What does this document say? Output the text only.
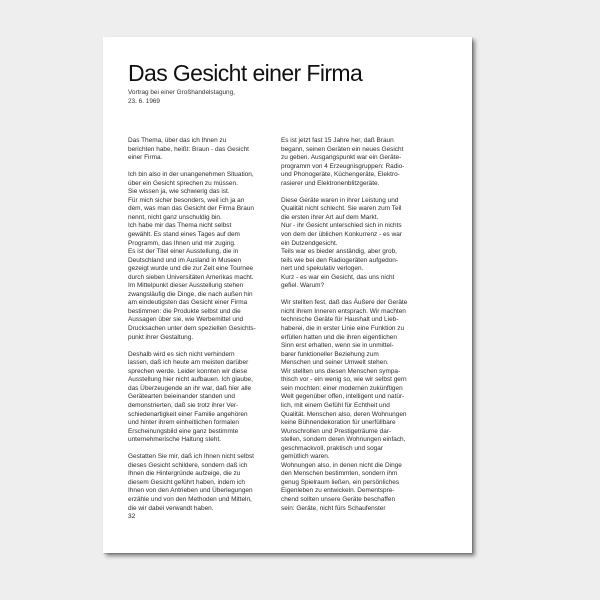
Das Gesicht einer Firma
Vortrag bei einer Großhandelstagung,
23. 6. 1969
Das Thema, über das ich Ihnen zu
berichten habe, heißt: Braun - das Gesicht
einer Firma.
Ich bin also in der unangenehmen Situation,
über ein Gesicht sprechen zu müssen.
Sie wissen ja, wie schwierig das ist.
Für mich sicher besonders, weil ich ja an
dem, was man das Gesicht der Firma Braun
nennt, nicht ganz unschuldig bin.
Ich habe mir das Thema nicht selbst
gewählt. Es stand eines Tages auf dem
Programm, das Ihnen und mir zuging.
Es ist der Titel einer Ausstellung, die in
Deutschland und im Ausland in Museen
gezeigt wurde und die zur Zeit eine Tournee
durch sieben Universitäten Amerikas macht.
Im Mittelpunkt dieser Ausstellung stehen
zwangsläufig die Dinge, die nach außen hin
am eindeutigsten das Gesicht einer Firma
bestimmen: die Produkte selbst und die
Aussagen über sie, wie Werbemittel und
Drucksachen unter dem speziellen Gesichts-
punkt ihrer Gestaltung.
Deshalb wird es sich nicht verhindern
lassen, daß ich heute am meisten darüber
sprechen werde. Leider konnten wir diese
Ausstellung hier nicht aufbauen. Ich glaube,
das Überzeugende an ihr war, daß hier alle
Gerätearten beieinander standen und
demonstrierten, daß sie trotz ihrer Ver-
schiedenartigkeit einer Familie angehören
und hinter ihrem einheitlichen formalen
Erscheinungsbild eine ganz bestimmte
unternehmerische Haltung steht.
Gestatten Sie mir, daß ich Ihnen nicht selbst
dieses Gesicht schildere, sondern daß ich
Ihnen die Hintergründe aufzeige, die zu
diesem Gesicht geführt haben, indem ich
Ihnen von den Antrieben und Überlegungen
erzähle und von den Methoden und Mitteln,
die wir dabei verwandt haben.
Es ist jetzt fast 15 Jahre her, daß Braun
begann, seinen Geräten ein neues Gesicht
zu geben. Ausgangspunkt war ein Geräte-
programm von 4 Erzeugnisgruppen: Radio-
und Phonogeräte, Küchengeräte, Elektro-
rasierer und Elektronenblitzgeräte.
Diese Geräte waren in ihrer Leistung und
Qualität nicht schlecht. Sie waren zum Teil
die ersten ihrer Art auf dem Markt.
Nur - ihr Gesicht unterschied sich in nichts
von dem der üblichen Konkurrenz - es war
ein Dutzendgesicht.
Teils war es bieder anständig, aber grob,
teils wie bei den Radiogeräten aufgedon-
nert und spekulativ verlogen.
Kurz - es war ein Gesicht, das uns nicht
gefiel. Warum?
Wir stellten fest, daß das Äußere der Geräte
nicht ihrem Inneren entsprach. Wir machten
technische Geräte für Haushalt und Lieb-
haberei, die in erster Linie eine Funktion zu
erfüllen hatten und die ihren eigentlichen
Sinn erst erhalten, wenn sie in unmittel-
barer funktioneller Beziehung zum
Menschen und seiner Umwelt stehen.
Wir stellten uns diesen Menschen sympa-
thisch vor - ein wenig so, wie wir selbst gern
sein mochten: einer modernen zukünftigen
Welt gegenüber offen, intelligent und natür-
lich, mit einem Gefühl für Echtheit und
Qualität. Menschen also, deren Wohnungen
keine Bühnendekoration für unerfüllbare
Wunschrollen und Prestigeträume dar-
stellen, sondern deren Wohnungen einfach,
geschmackvoll, praktisch und sogar
gemütlich waren.
Wohnungen also, in denen nicht die Dinge
den Menschen bestimmten, sondern ihm
genug Spielraum ließen, ein persönliches
Eigenleben zu entwickeln. Dementspre-
chend sollten unsere Geräte beschaffen
sein: Geräte, nicht fürs Schaufenster
32
